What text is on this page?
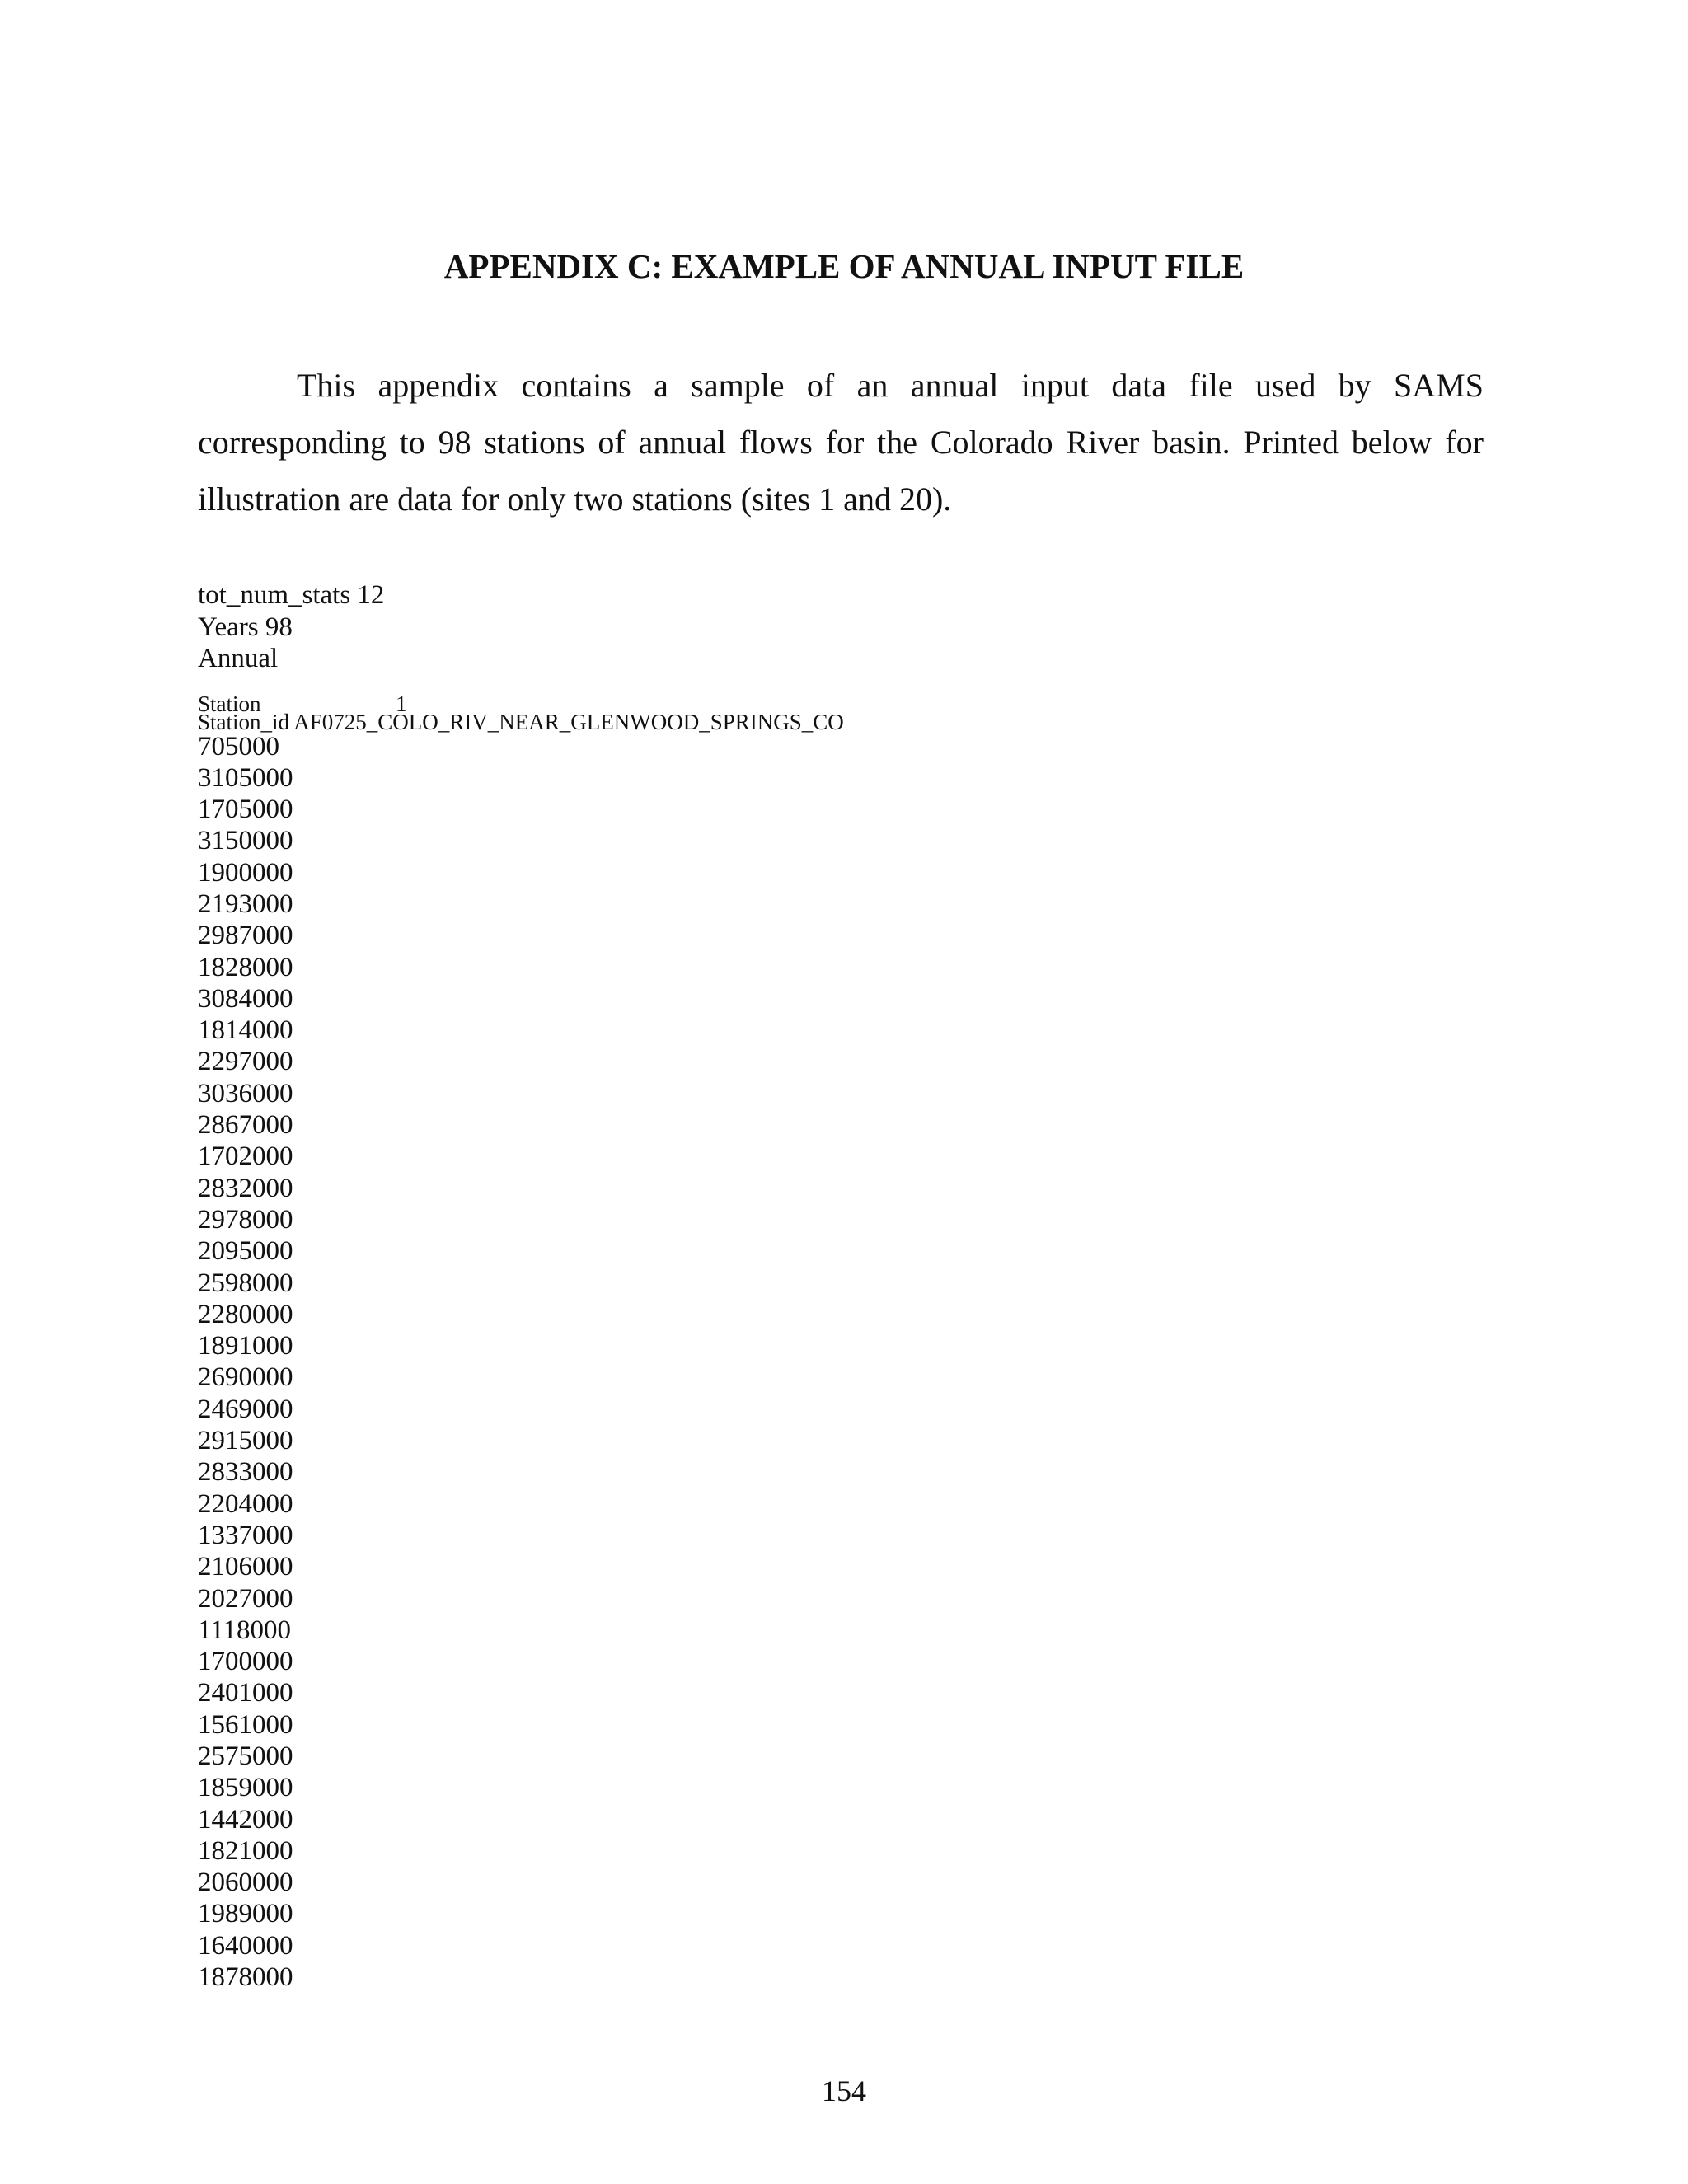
APPENDIX C: EXAMPLE OF ANNUAL INPUT FILE

This appendix contains a sample of an annual input data file used by SAMS corresponding to 98 stations of annual flows for the Colorado River basin. Printed below for illustration are data for only two stations (sites 1 and 20).

tot_num_stats 12
Years 98
Annual
Station	1
Station_id AF0725_COLO_RIV_NEAR_GLENWOOD_SPRINGS_CO
705000
3105000
1705000
3150000
1900000
2193000
2987000
1828000
3084000
1814000
2297000
3036000
2867000
1702000
2832000
2978000
2095000
2598000
2280000
1891000
2690000
2469000
2915000
2833000
2204000
1337000
2106000
2027000
1118000
1700000
2401000
1561000
2575000
1859000
1442000
1821000
2060000
1989000
1640000
1878000
154
